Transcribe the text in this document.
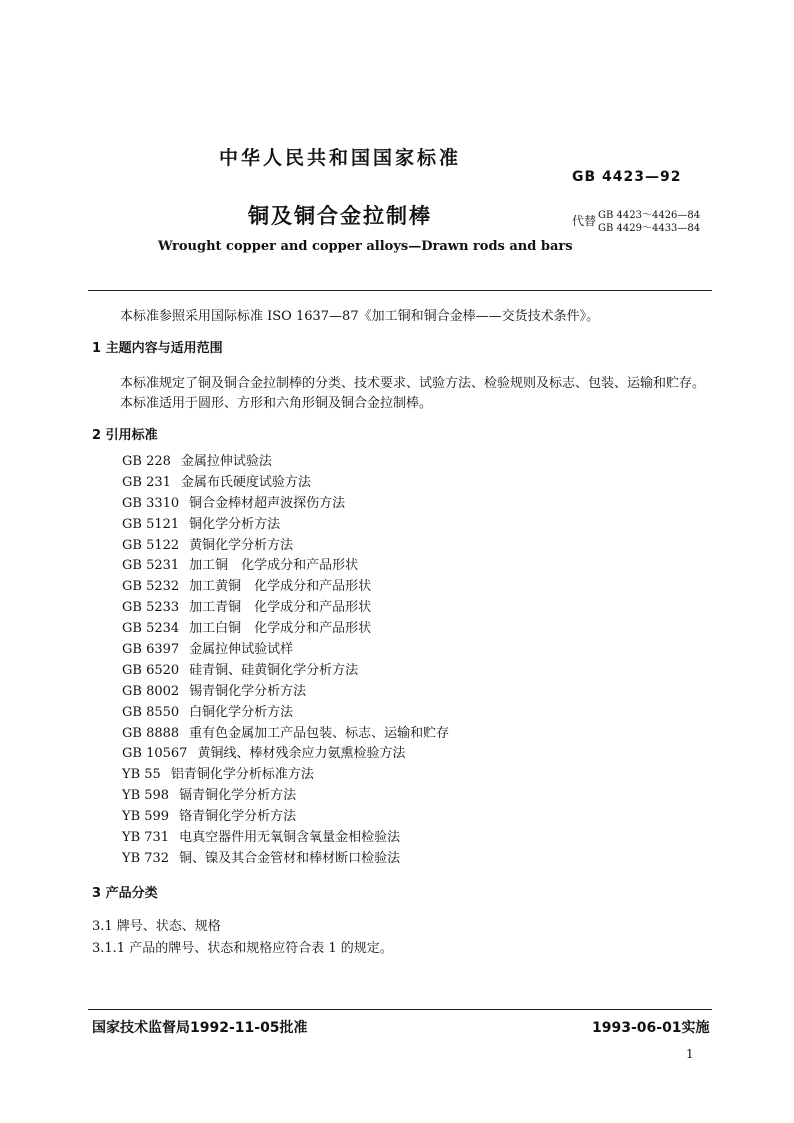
中华人民共和国国家标准
GB 4423—92
铜及铜合金拉制棒	代替 GB 4423～4426—84
GB 4429～4433—84
Wrought copper and copper alloys—Drawn rods and bars
本标准参照采用国际标准 ISO 1637—87《加工铜和铜合金棒——交货技术条件》。
1 主题内容与适用范围
本标准规定了铜及铜合金拉制棒的分类、技术要求、试验方法、检验规则及标志、包装、运输和贮存。
本标准适用于圆形、方形和六角形铜及铜合金拉制棒。
2 引用标准
GB 228 金属拉伸试验法
GB 231 金属布氏硬度试验方法
GB 3310 铜合金棒材超声波探伤方法
GB 5121 铜化学分析方法
GB 5122 黄铜化学分析方法
GB 5231 加工铜　化学成分和产品形状
GB 5232 加工黄铜　化学成分和产品形状
GB 5233 加工青铜　化学成分和产品形状
GB 5234 加工白铜　化学成分和产品形状
GB 6397 金属拉伸试验试样
GB 6520 硅青铜、硅黄铜化学分析方法
GB 8002 锡青铜化学分析方法
GB 8550 白铜化学分析方法
GB 8888 重有色金属加工产品包装、标志、运输和贮存
GB 10567 黄铜线、棒材残余应力氨熏检验方法
YB 55 铝青铜化学分析标准方法
YB 598 镉青铜化学分析方法
YB 599 铬青铜化学分析方法
YB 731 电真空器件用无氧铜含氧量金相检验法
YB 732 铜、镍及其合金管材和棒材断口检验法
3 产品分类
3.1 牌号、状态、规格
3.1.1 产品的牌号、状态和规格应符合表 1 的规定。
国家技术监督局1992-11-05批准	1993-06-01实施
1
